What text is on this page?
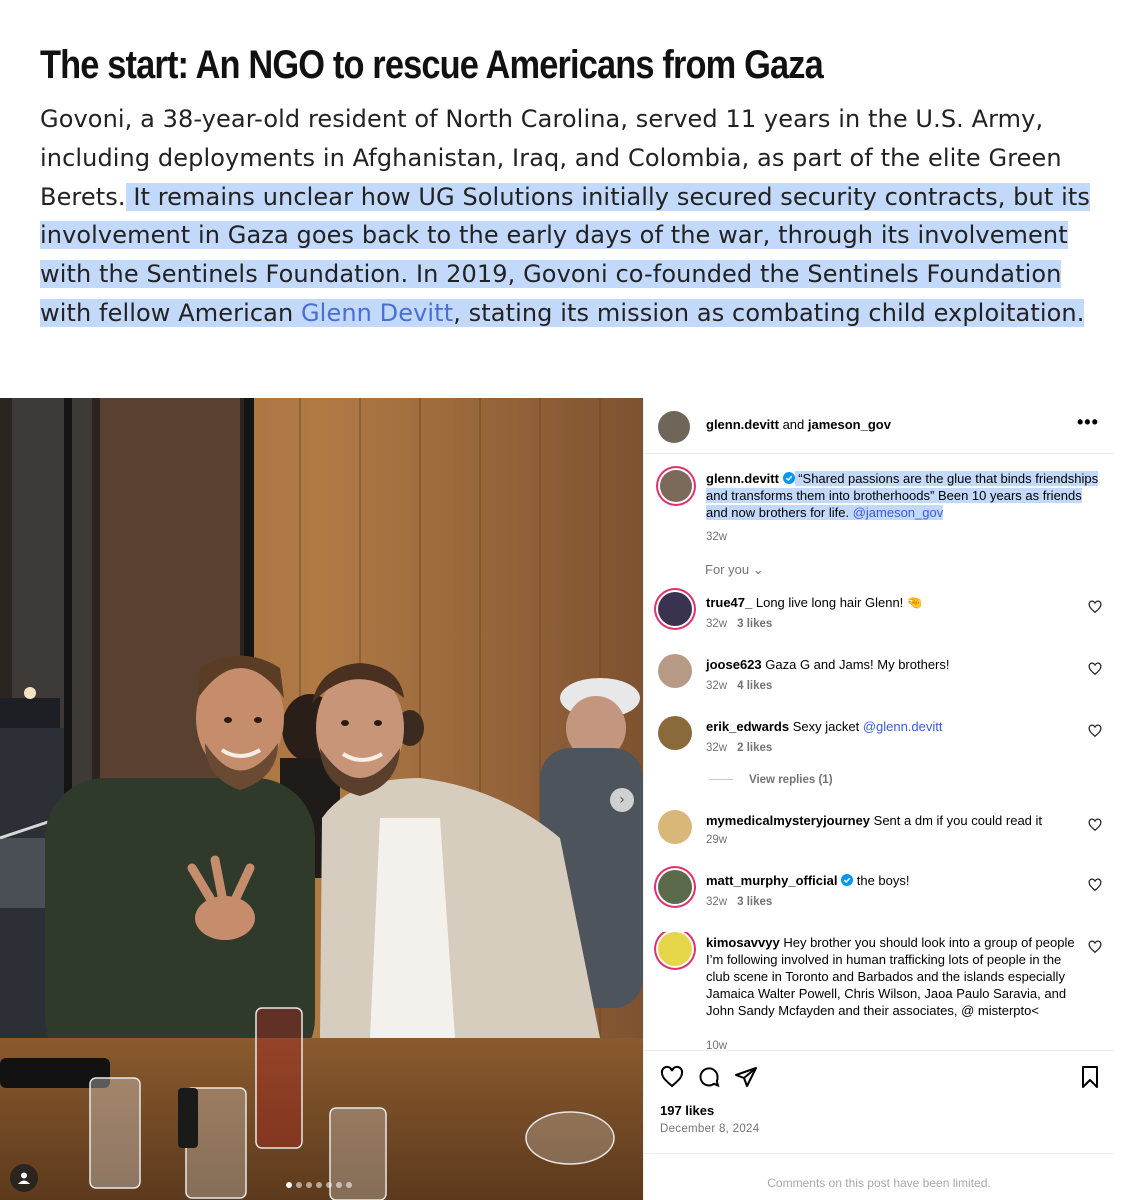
The start: An NGO to rescue Americans from Gaza

Govoni, a 38-year-old resident of North Carolina, served 11 years in the U.S. Army, including deployments in Afghanistan, Iraq, and Colombia, as part of the elite Green Berets. It remains unclear how UG Solutions initially secured security contracts, but its involvement in Gaza goes back to the early days of the war, through its involvement with the Sentinels Foundation. In 2019, Govoni co-founded the Sentinels Foundation with fellow American Glenn Devitt, stating its mission as combating child exploitation.

›
glenn.devitt and jameson_gov	•••
glenn.devitt  “Shared passions are the glue that binds friendships and transforms them into brotherhoods” Been 10 years as friends and now brothers for life. @jameson_gov
32w
For you ⌄
true47_ Long live long hair Glenn! 🤏
32w 3 likes
joose623 Gaza G and Jams! My brothers!
32w 4 likes
erik_edwards Sexy jacket @glenn.devitt
32w 2 likes
View replies (1)
mymedicalmysteryjourney Sent a dm if you could read it
29w
matt_murphy_official  the boys!
32w 3 likes
kimosavvyy Hey brother you should look into a group of people I’m following involved in human trafficking lots of people in the club scene in Toronto and Barbados and the islands especially Jamaica Walter Powell, Chris Wilson, Jaoa Paulo Saravia, and John Sandy Mcfayden and their associates, @ misterpto<
10w
197 likes
December 8, 2024
Comments on this post have been limited.
